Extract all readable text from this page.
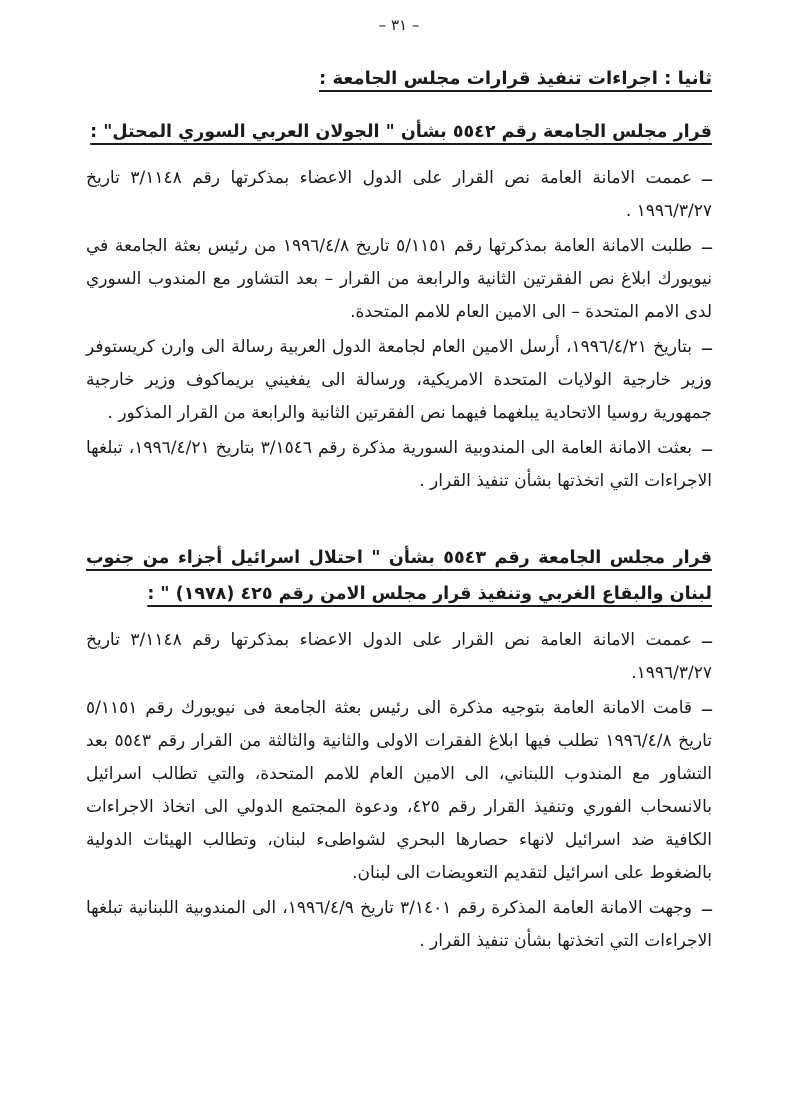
– ٣١ –
ثانيا : اجراءات تنفيذ قرارات مجلس الجامعة :
قرار مجلس الجامعة رقم ٥٥٤٢ بشأن " الجولان العربي السوري المحتل" :

ــعممت الامانة العامة نص القرار على الدول الاعضاء بمذكرتها رقم ٣/١١٤٨ تاريخ ١٩٩٦/٣/٢٧ .

ــطلبت الامانة العامة بمذكرتها رقم ٥/١١٥١ تاريخ ١٩٩٦/٤/٨ من رئيس بعثة الجامعة في نيويورك ابلاغ نص الفقرتين الثانية والرابعة من القرار – بعد التشاور مع المندوب السوري لدى الامم المتحدة – الى الامين العام للامم المتحدة.

ــبتاريخ ١٩٩٦/٤/٢١، أرسل الامين العام لجامعة الدول العربية رسالة الى وارن كريستوفر وزير خارجية الولايات المتحدة الامريكية، ورسالة الى يفغيني بريماكوف وزير خارجية جمهورية روسيا الاتحادية يبلغهما فيهما نص الفقرتين الثانية والرابعة من القرار المذكور .

ــبعثت الامانة العامة الى المندوبية السورية مذكرة رقم ٣/١٥٤٦ بتاريخ ١٩٩٦/٤/٢١، تبلغها الاجراءات التي اتخذتها بشأن تنفيذ القرار .

قرار مجلس الجامعة رقم ٥٥٤٣ بشأن " احتلال اسرائيل أجزاء من جنوب لبنان والبقاع الغربي وتنفيذ قرار مجلس الامن رقم ٤٢٥ (١٩٧٨) " :

ــعممت الامانة العامة نص القرار على الدول الاعضاء بمذكرتها رقم ٣/١١٤٨ تاريخ ١٩٩٦/٣/٢٧.

ــقامت الامانة العامة بتوجيه مذكرة الى رئيس بعثة الجامعة فى نيويورك رقم ٥/١١٥١ تاريخ ١٩٩٦/٤/٨ تطلب فيها ابلاغ الفقرات الاولى والثانية والثالثة من القرار رقم ٥٥٤٣ بعد التشاور مع المندوب اللبناني، الى الامين العام للامم المتحدة، والتي تطالب اسرائيل بالانسحاب الفوري وتنفيذ القرار رقم ٤٢٥، ودعوة المجتمع الدولي الى اتخاذ الاجراءات الكافية ضد اسرائيل لانهاء حصارها البحري لشواطىء لبنان، وتطالب الهيئات الدولية بالضغوط على اسرائيل لتقديم التعويضات الى لبنان.

ــوجهت الامانة العامة المذكرة رقم ٣/١٤٠١ تاريخ ١٩٩٦/٤/٩، الى المندوبية اللبنانية تبلغها الاجراءات التي اتخذتها بشأن تنفيذ القرار .
